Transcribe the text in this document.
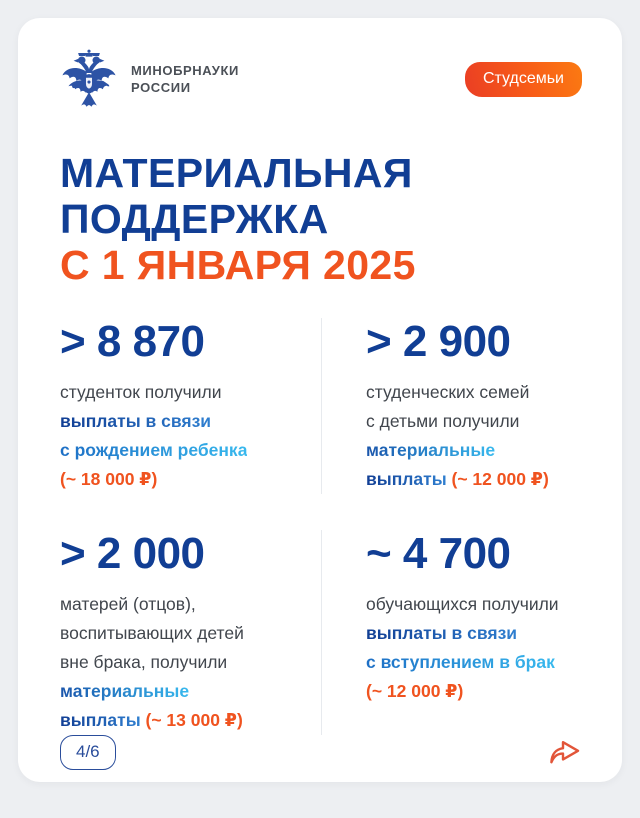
МИНОБРНАУКИ
РОССИИ
Студсемьи
МАТЕРИАЛЬНАЯ
ПОДДЕРЖКА
С 1 ЯНВАРЯ 2025
> 8 870
студенток получили
выплаты в связи
с рождением ребенка
(~ 18 000 ₽)
> 2 900
студенческих семей
с детьми получили
материальные
выплаты (~ 12 000 ₽)
> 2 000
матерей (отцов),
воспитывающих детей
вне брака, получили
материальные
выплаты (~ 13 000 ₽)
~ 4 700
обучающихся получили
выплаты в связи
с вступлением в брак
(~ 12 000 ₽)
4/6
